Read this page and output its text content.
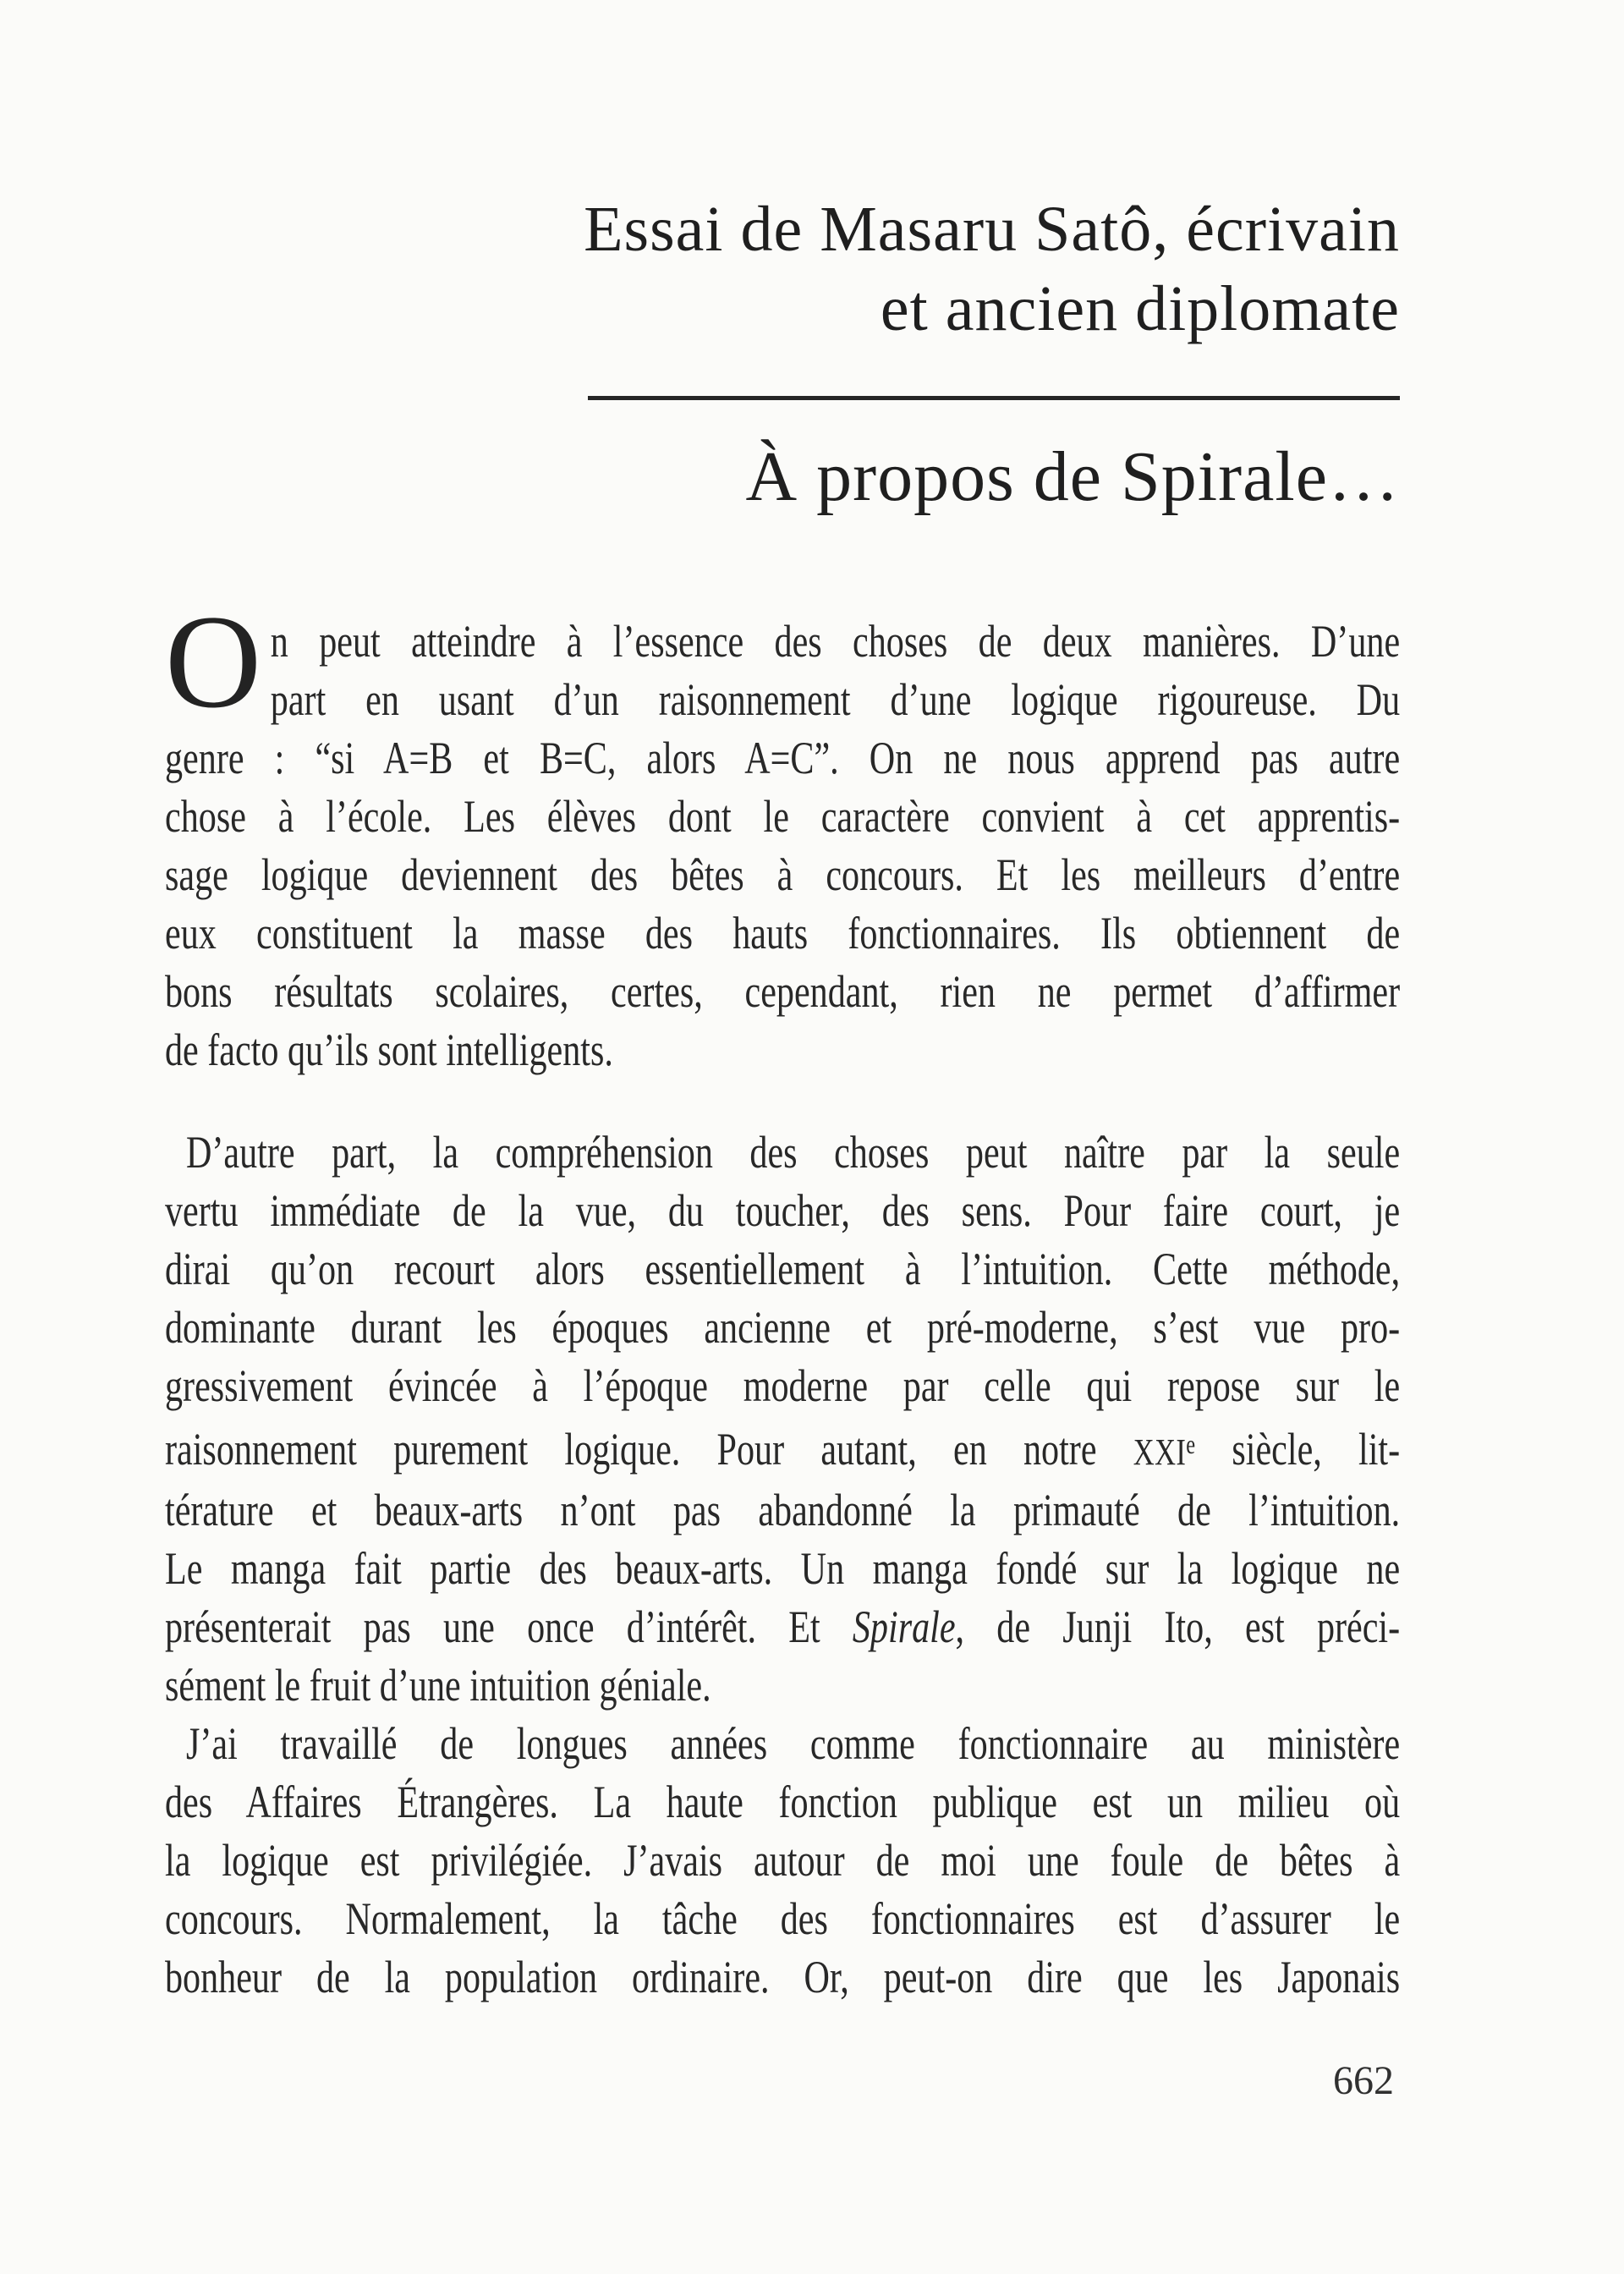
Essai de Masaru Satô, écrivain
et ancien diplomate
À propos de Spirale…
O n peut atteindre à l’essence des choses de deux manières. D’une
part en usant d’un raisonnement d’une logique rigoureuse. Du
genre : “si A=B et B=C, alors A=C”. On ne nous apprend pas autre
chose à l’école. Les élèves dont le caractère convient à cet apprentis-
sage logique deviennent des bêtes à concours. Et les meilleurs d’entre
eux constituent la masse des hauts fonctionnaires. Ils obtiennent de
bons résultats scolaires, certes, cependant, rien ne permet d’affirmer
de facto qu’ils sont intelligents.
D’autre part, la compréhension des choses peut naître par la seule
vertu immédiate de la vue, du toucher, des sens. Pour faire court, je
dirai qu’on recourt alors essentiellement à l’intuition. Cette méthode,
dominante durant les époques ancienne et pré-moderne, s’est vue pro-
gressivement évincée à l’époque moderne par celle qui repose sur le
raisonnement purement logique. Pour autant, en notre XXIe siècle, lit-
térature et beaux-arts n’ont pas abandonné la primauté de l’intuition.
Le manga fait partie des beaux-arts. Un manga fondé sur la logique ne
présenterait pas une once d’intérêt. Et Spirale, de Junji Ito, est préci-
sément le fruit d’une intuition géniale.
J’ai travaillé de longues années comme fonctionnaire au ministère
des Affaires Étrangères. La haute fonction publique est un milieu où
la logique est privilégiée. J’avais autour de moi une foule de bêtes à
concours. Normalement, la tâche des fonctionnaires est d’assurer le
bonheur de la population ordinaire. Or, peut-on dire que les Japonais
662
